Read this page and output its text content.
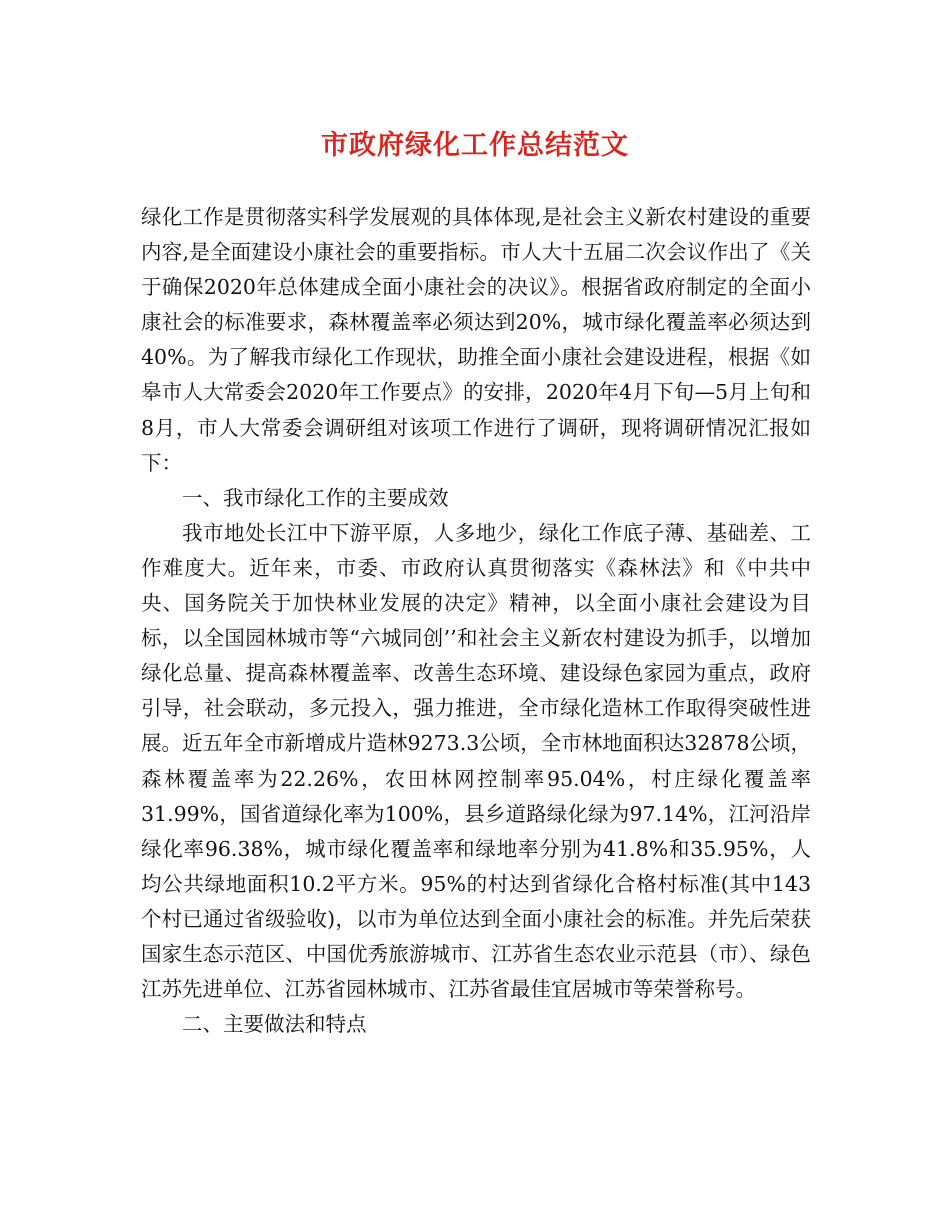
市政府绿化工作总结范文

绿化工作是贯彻落实科学发展观的具体体现,是社会主义新农村建设的重要内容,是全面建设小康社会的重要指标。市人大十五届二次会议作出了《关于确保2020年总体建成全面小康社会的决议》。根据省政府制定的全面小康社会的标准要求，森林覆盖率必须达到20%，城市绿化覆盖率必须达到40%。为了解我市绿化工作现状，助推全面小康社会建设进程，根据《如皋市人大常委会2020年工作要点》的安排，2020年4月下旬—5月上旬和8月，市人大常委会调研组对该项工作进行了调研，现将调研情况汇报如下：

一、我市绿化工作的主要成效

我市地处长江中下游平原，人多地少，绿化工作底子薄、基础差、工作难度大。近年来，市委、市政府认真贯彻落实《森林法》和《中共中央、国务院关于加快林业发展的决定》精神，以全面小康社会建设为目标，以全国园林城市等“六城同创’’和社会主义新农村建设为抓手，以增加绿化总量、提高森林覆盖率、改善生态环境、建设绿色家园为重点，政府引导，社会联动，多元投入，强力推进，全市绿化造林工作取得突破性进展。近五年全市新增成片造林9273.3公顷，全市林地面积达32878公顷，森林覆盖率为22.26%，农田林网控制率95.04%，村庄绿化覆盖率31.99%，国省道绿化率为100%，县乡道路绿化绿为97.14%，江河沿岸绿化率96.38%，城市绿化覆盖率和绿地率分别为41.8%和35.95%，人均公共绿地面积10.2平方米。95%的村达到省绿化合格村标准(其中143个村已通过省级验收)，以市为单位达到全面小康社会的标准。并先后荣获国家生态示范区、中国优秀旅游城市、江苏省生态农业示范县（市）、绿色江苏先进单位、江苏省园林城市、江苏省最佳宜居城市等荣誉称号。

二、主要做法和特点
